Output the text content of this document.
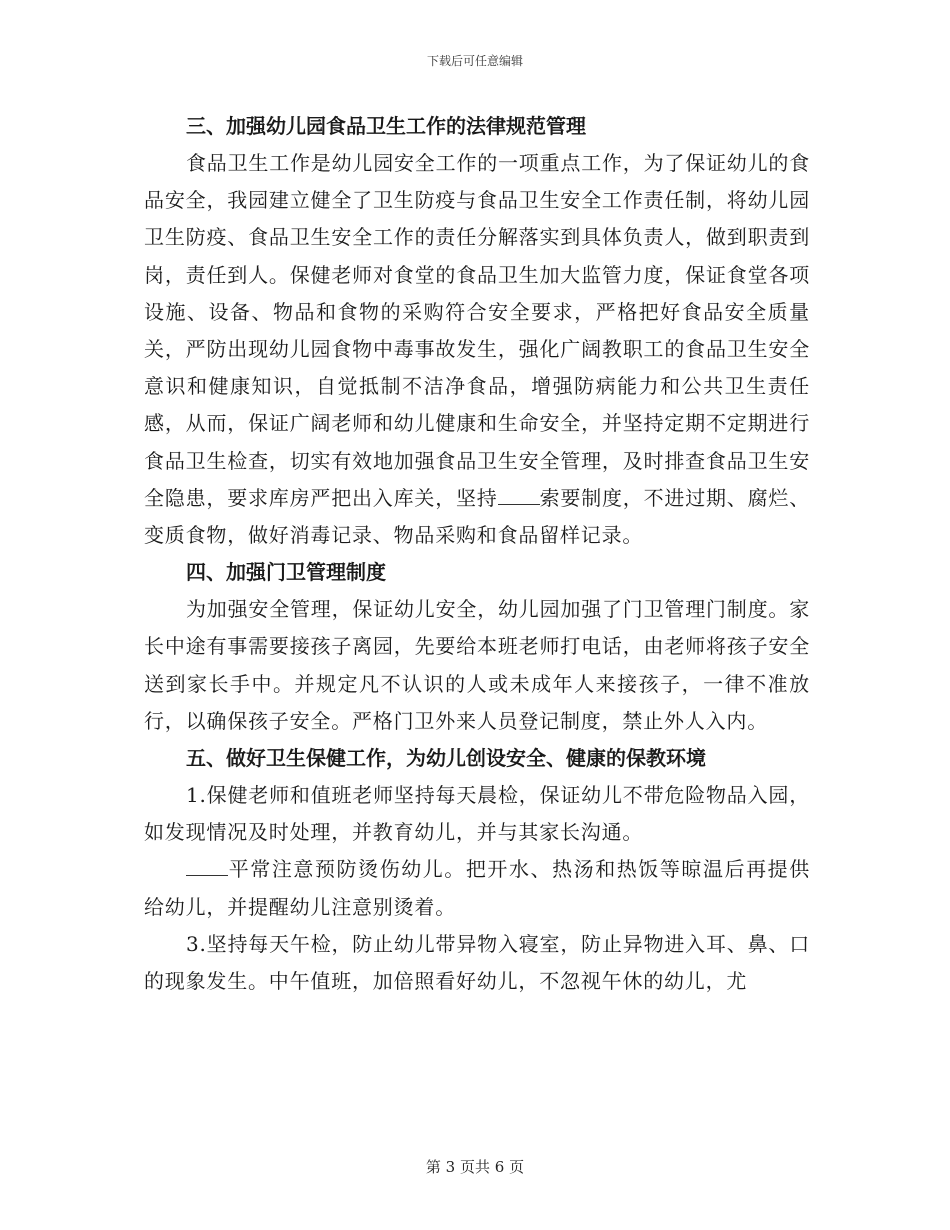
下载后可任意编辑
三、加强幼儿园食品卫生工作的法律规范管理

食品卫生工作是幼儿园安全工作的一项重点工作，为了保证幼儿的食品安全，我园建立健全了卫生防疫与食品卫生安全工作责任制，将幼儿园卫生防疫、食品卫生安全工作的责任分解落实到具体负责人，做到职责到岗，责任到人。保健老师对食堂的食品卫生加大监管力度，保证食堂各项设施、设备、物品和食物的采购符合安全要求，严格把好食品安全质量关，严防出现幼儿园食物中毒事故发生，强化广阔教职工的食品卫生安全意识和健康知识，自觉抵制不洁净食品，增强防病能力和公共卫生责任感，从而，保证广阔老师和幼儿健康和生命安全，并坚持定期不定期进行食品卫生检查，切实有效地加强食品卫生安全管理，及时排查食品卫生安全隐患，要求库房严把出入库关，坚持 索要制度，不进过期、腐烂、变质食物，做好消毒记录、物品采购和食品留样记录。

四、加强门卫管理制度

为加强安全管理，保证幼儿安全，幼儿园加强了门卫管理门制度。家长中途有事需要接孩子离园，先要给本班老师打电话，由老师将孩子安全送到家长手中。并规定凡不认识的人或未成年人来接孩子，一律不准放行，以确保孩子安全。严格门卫外来人员登记制度，禁止外人入内。

五、做好卫生保健工作，为幼儿创设安全、健康的保教环境

1.保健老师和值班老师坚持每天晨检，保证幼儿不带危险物品入园，如发现情况及时处理，并教育幼儿，并与其家长沟通。

平常注意预防烫伤幼儿。把开水、热汤和热饭等晾温后再提供给幼儿，并提醒幼儿注意别烫着。

3.坚持每天午检，防止幼儿带异物入寝室，防止异物进入耳、鼻、口的现象发生。中午值班，加倍照看好幼儿，不忽视午休的幼儿，尤

第 3 页共 6 页
